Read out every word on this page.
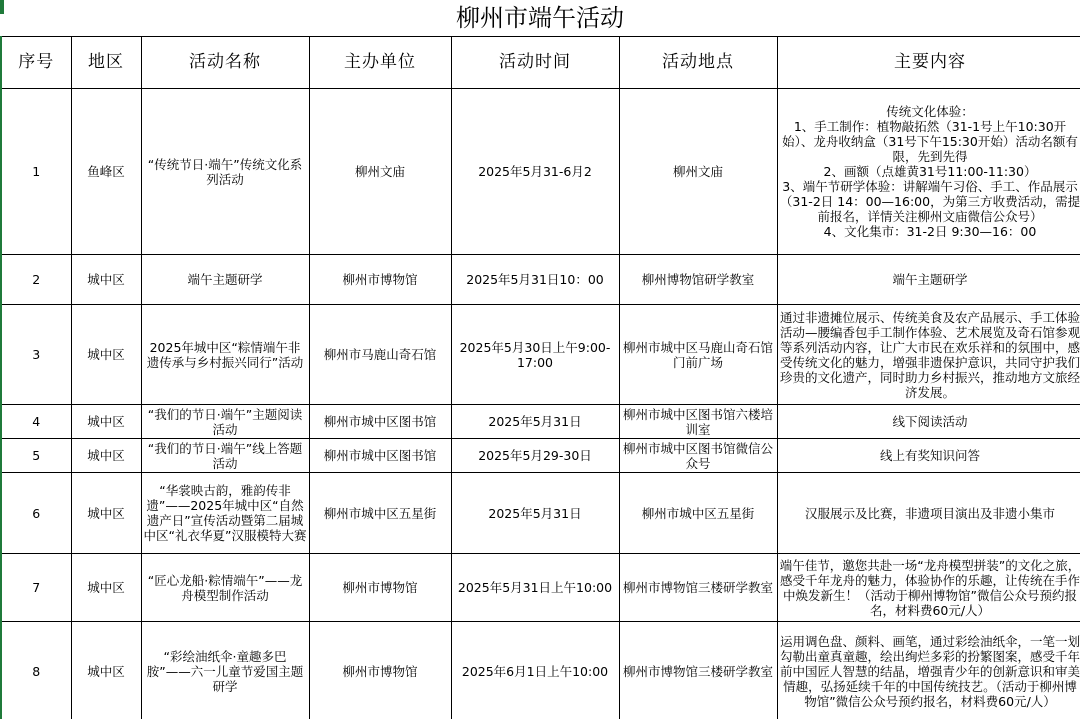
柳州市端午活动
序号	地区	活动名称	主办单位	活动时间	活动地点	主要内容
1	鱼峰区	“传统节日·端午”传统文化系列活动	柳州文庙	2025年5月31-6月2	柳州文庙	传统文化体验：
1、手工制作：植物敲拓然（31-1号上午10:30开始）、龙舟收纳盒（31号下午15:30开始）活动名额有限，先到先得
2、画额（点雄黄31号11:00-11:30）
3、端午节研学体验：讲解端午习俗、手工、作品展示（31-2日 14：00—16:00，为第三方收费活动，需提前报名，详情关注柳州文庙微信公众号）
4、文化集市：31-2日 9:30—16：00
2	城中区	端午主题研学	柳州市博物馆	2025年5月31日10：00	柳州博物馆研学教室	端午主题研学
3	城中区	2025年城中区“粽情端午非遗传承与乡村振兴同行”活动	柳州市马鹿山奇石馆	2025年5月30日上午9:00-17:00	柳州市城中区马鹿山奇石馆门前广场	通过非遗摊位展示、传统美食及农产品展示、手工体验活动—腰编香包手工制作体验、艺术展览及奇石馆参观等系列活动内容，让广大市民在欢乐祥和的氛围中，感受传统文化的魅力，增强非遗保护意识，共同守护我们珍贵的文化遗产，同时助力乡村振兴，推动地方文旅经济发展。
4	城中区	“我们的节日·端午”主题阅读活动	柳州市城中区图书馆	2025年5月31日	柳州市城中区图书馆六楼培训室	线下阅读活动
5	城中区	“我们的节日·端午”线上答题活动	柳州市城中区图书馆	2025年5月29-30日	柳州市城中区图书馆微信公众号	线上有奖知识问答
6	城中区	“华裳映古韵，雅韵传非遗”——2025年城中区“自然遗产日”宣传活动暨第二届城中区“礼衣华夏”汉服模特大赛	柳州市城中区五星街	2025年5月31日	柳州市城中区五星街	汉服展示及比赛，非遗项目演出及非遗小集市
7	城中区	“匠心龙船·粽情端午”——龙舟模型制作活动	柳州市博物馆	2025年5月31日上午10:00	柳州市博物馆三楼研学教室	端午佳节，邀您共赴一场“龙舟模型拼装”的文化之旅，感受千年龙舟的魅力，体验协作的乐趣，让传统在手作中焕发新生！（活动于柳州博物馆”微信公众号预约报名，材料费60元/人）
8	城中区	“彩绘油纸伞·童趣多巴胺”——六一儿童节爱国主题研学	柳州市博物馆	2025年6月1日上午10:00	柳州市博物馆三楼研学教室	运用调色盘、颜料、画笔，通过彩绘油纸伞，一笔一划勾勒出童真童趣，绘出绚烂多彩的扮繁图案，感受千年前中国匠人智慧的结晶，增强青少年的创新意识和审美情趣，弘扬延续千年的中国传统技艺。（活动于柳州博物馆”微信公众号预约报名，材料费60元/人）
